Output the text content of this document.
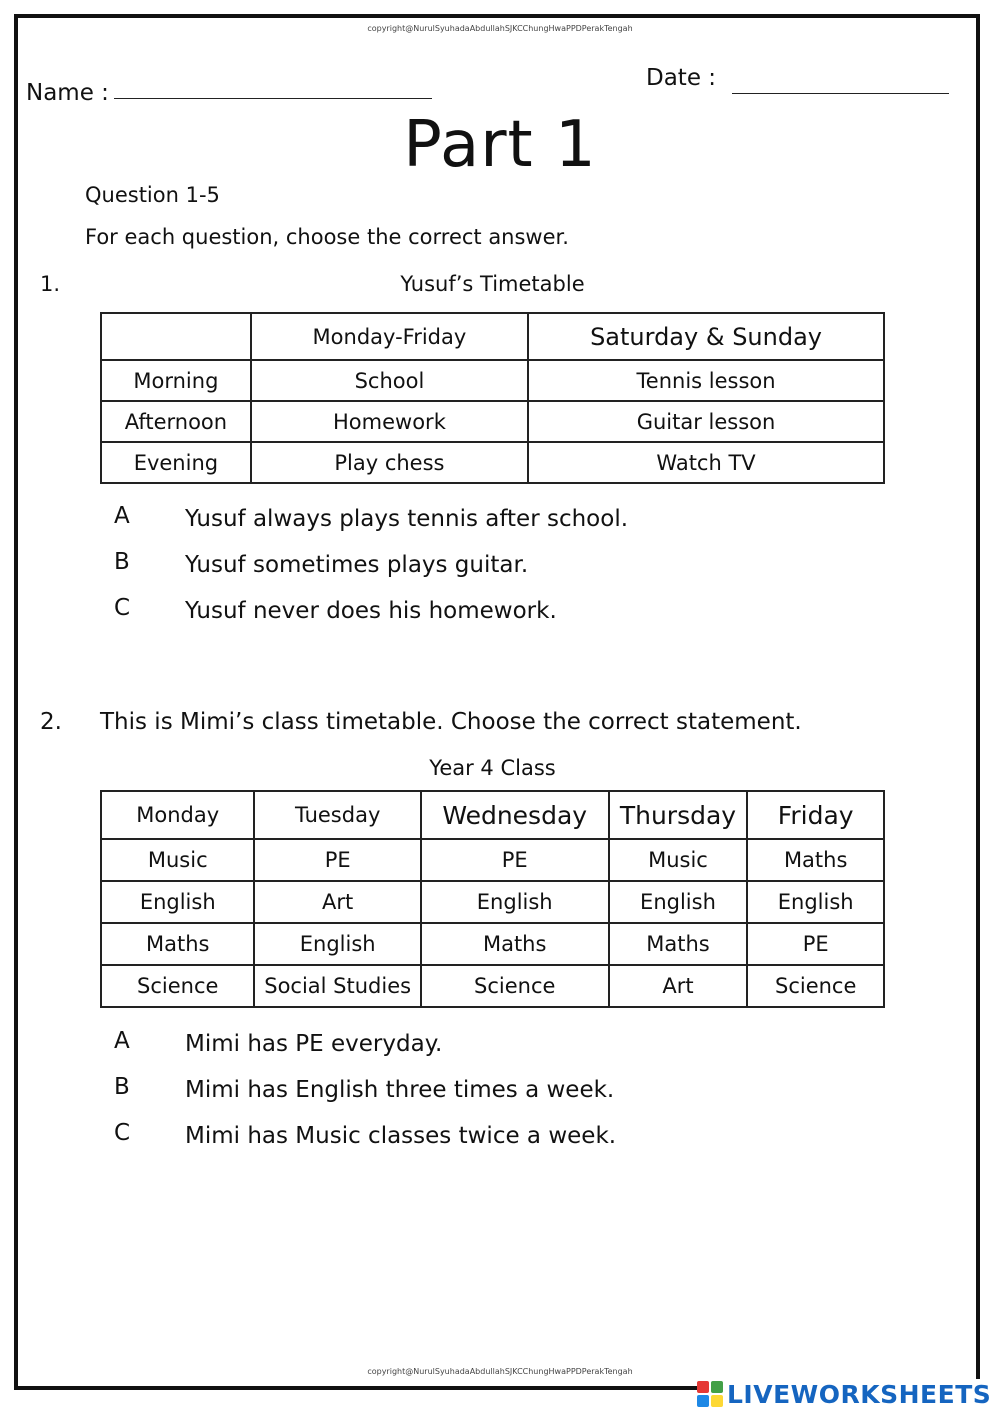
copyright@NurulSyuhadaAbdullahSJKCChungHwaPPDPerakTengah
Name :
Date :
Part 1
Question 1-5
For each question, choose the correct answer.
1.	Yusuf’s Timetable
	Monday-Friday	Saturday & Sunday
Morning	School	Tennis lesson
Afternoon	Homework	Guitar lesson
Evening	Play chess	Watch TV
A Yusuf always plays tennis after school.
B Yusuf sometimes plays guitar.
C Yusuf never does his homework.
2. This is Mimi’s class timetable. Choose the correct statement.
Year 4 Class
Monday	Tuesday	Wednesday	Thursday	Friday
Music	PE	PE	Music	Maths
English	Art	English	English	English
Maths	English	Maths	Maths	PE
Science	Social Studies	Science	Art	Science
A Mimi has PE everyday.
B Mimi has English three times a week.
C Mimi has Music classes twice a week.
copyright@NurulSyuhadaAbdullahSJKCChungHwaPPDPerakTengah
LIVEWORKSHEETS
